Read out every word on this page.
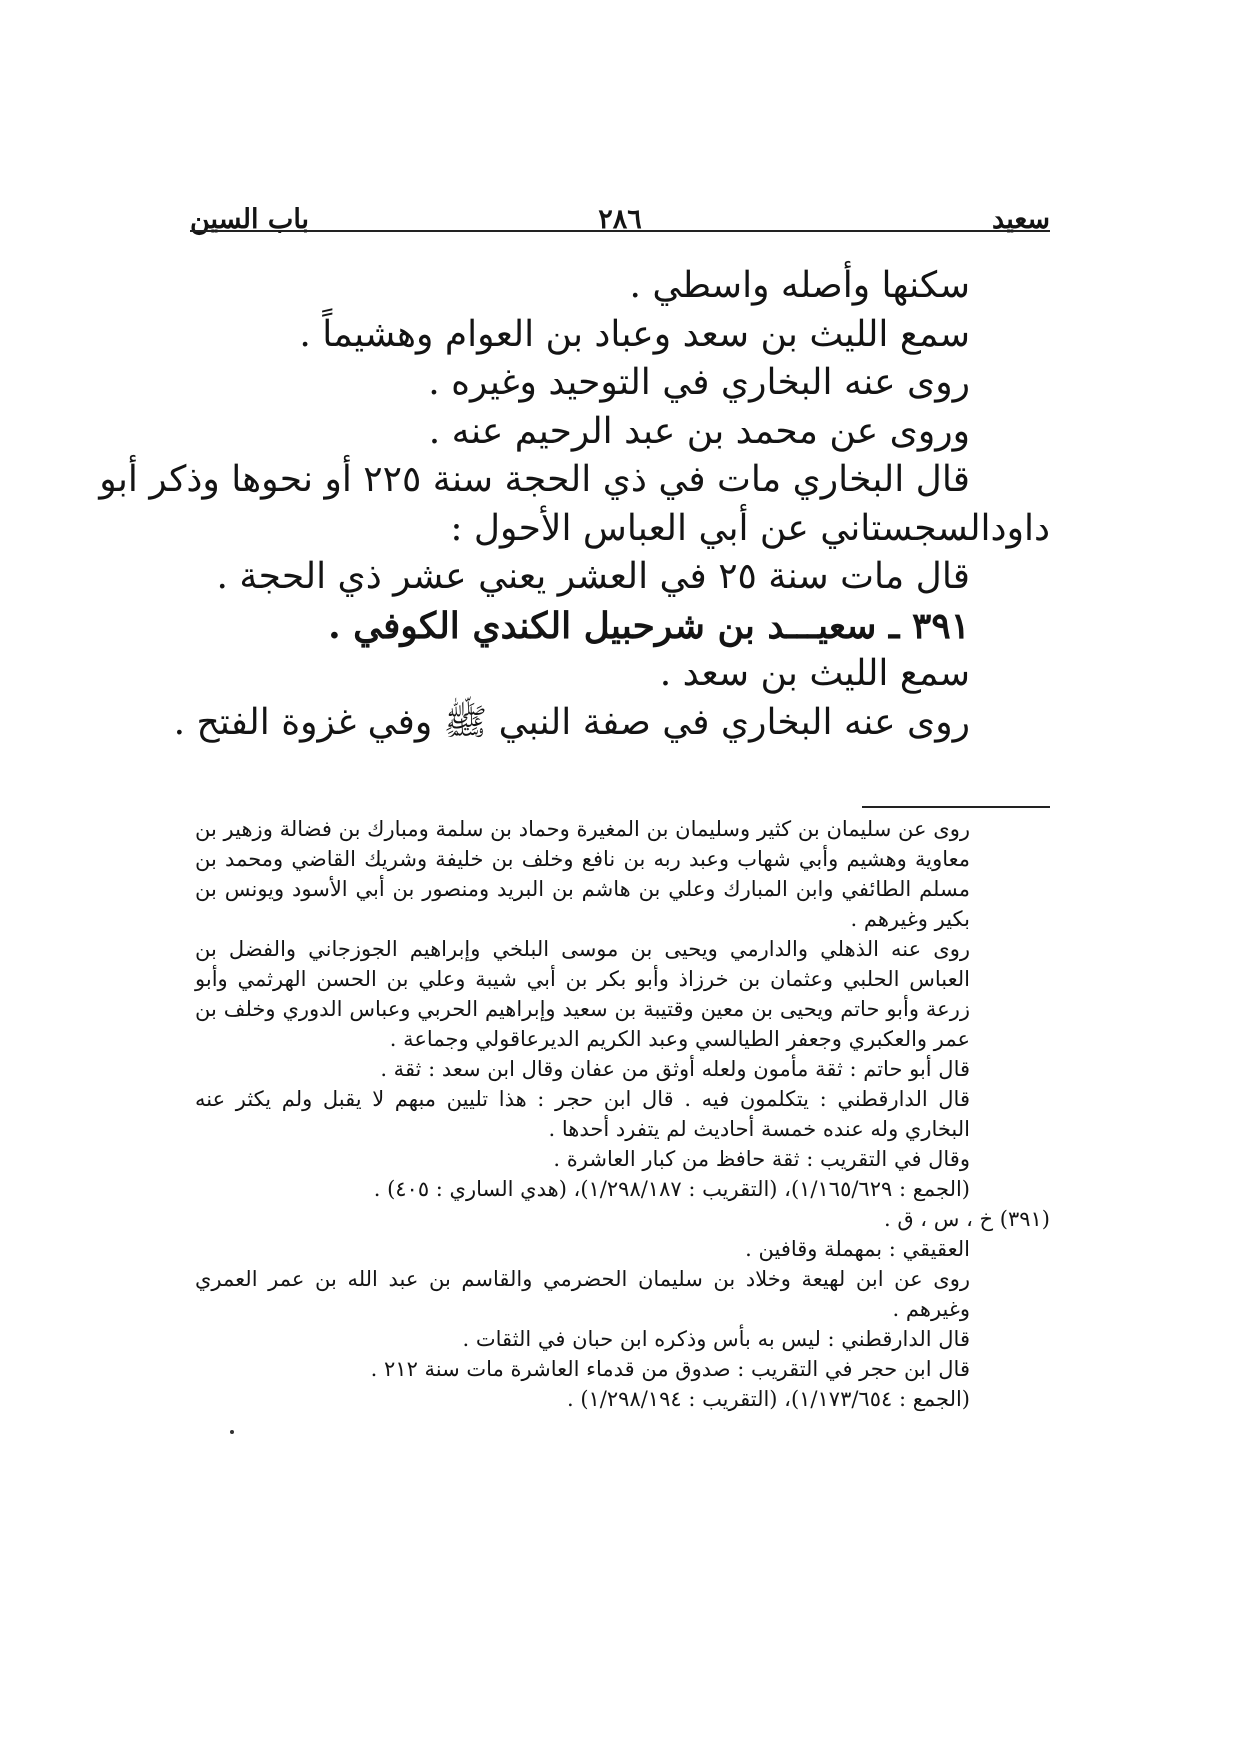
سعيد
٢٨٦
باب السين
سكنها وأصله واسطي .
سمع الليث بن سعد وعباد بن العوام وهشيماً .
روى عنه البخاري في التوحيد وغيره .
وروى عن محمد بن عبد الرحيم عنه .
قال البخاري مات في ذي الحجة سنة ٢٢٥ أو نحوها وذكر أبو
داودالسجستاني عن أبي العباس الأحول :
قال مات سنة ٢٥ في العشر يعني عشر ذي الحجة .
٣٩١ ـ سعيـــد بن شرحبيل الكندي الكوفي .
سمع الليث بن سعد .
روى عنه البخاري في صفة النبي ﷺ وفي غزوة الفتح .
روى عن سليمان بن كثير وسليمان بن المغيرة وحماد بن سلمة ومبارك بن فضالة وزهير بن معاوية وهشيم وأبي شهاب وعبد ربه بن نافع وخلف بن خليفة وشريك القاضي ومحمد بن مسلم الطائفي وابن المبارك وعلي بن هاشم بن البريد ومنصور بن أبي الأسود ويونس بن بكير وغيرهم .
روى عنه الذهلي والدارمي ويحيى بن موسى البلخي وإبراهيم الجوزجاني والفضل بن العباس الحلبي وعثمان بن خرزاذ وأبو بكر بن أبي شيبة وعلي بن الحسن الهرثمي وأبو زرعة وأبو حاتم ويحيى بن معين وقتيبة بن سعيد وإبراهيم الحربي وعباس الدوري وخلف بن عمر والعكبري وجعفر الطيالسي وعبد الكريم الديرعاقولي وجماعة .
قال أبو حاتم : ثقة مأمون ولعله أوثق من عفان وقال ابن سعد : ثقة .
قال الدارقطني : يتكلمون فيه . قال ابن حجر : هذا تليين مبهم لا يقبل ولم يكثر عنه البخاري وله عنده خمسة أحاديث لم يتفرد أحدها .
وقال في التقريب : ثقة حافظ من كبار العاشرة .
(الجمع : ١/١٦٥/٦٢٩)، (التقريب : ١/٢٩٨/١٨٧)، (هدي الساري : ٤٠٥) .
(٣٩١) خ ، س ، ق .
العقيقي : بمهملة وقافين .
روى عن ابن لهيعة وخلاد بن سليمان الحضرمي والقاسم بن عبد الله بن عمر العمري وغيرهم .
قال الدارقطني : ليس به بأس وذكره ابن حبان في الثقات .
قال ابن حجر في التقريب : صدوق من قدماء العاشرة مات سنة ٢١٢ .
(الجمع : ١/١٧٣/٦٥٤)، (التقريب : ١/٢٩٨/١٩٤) .
